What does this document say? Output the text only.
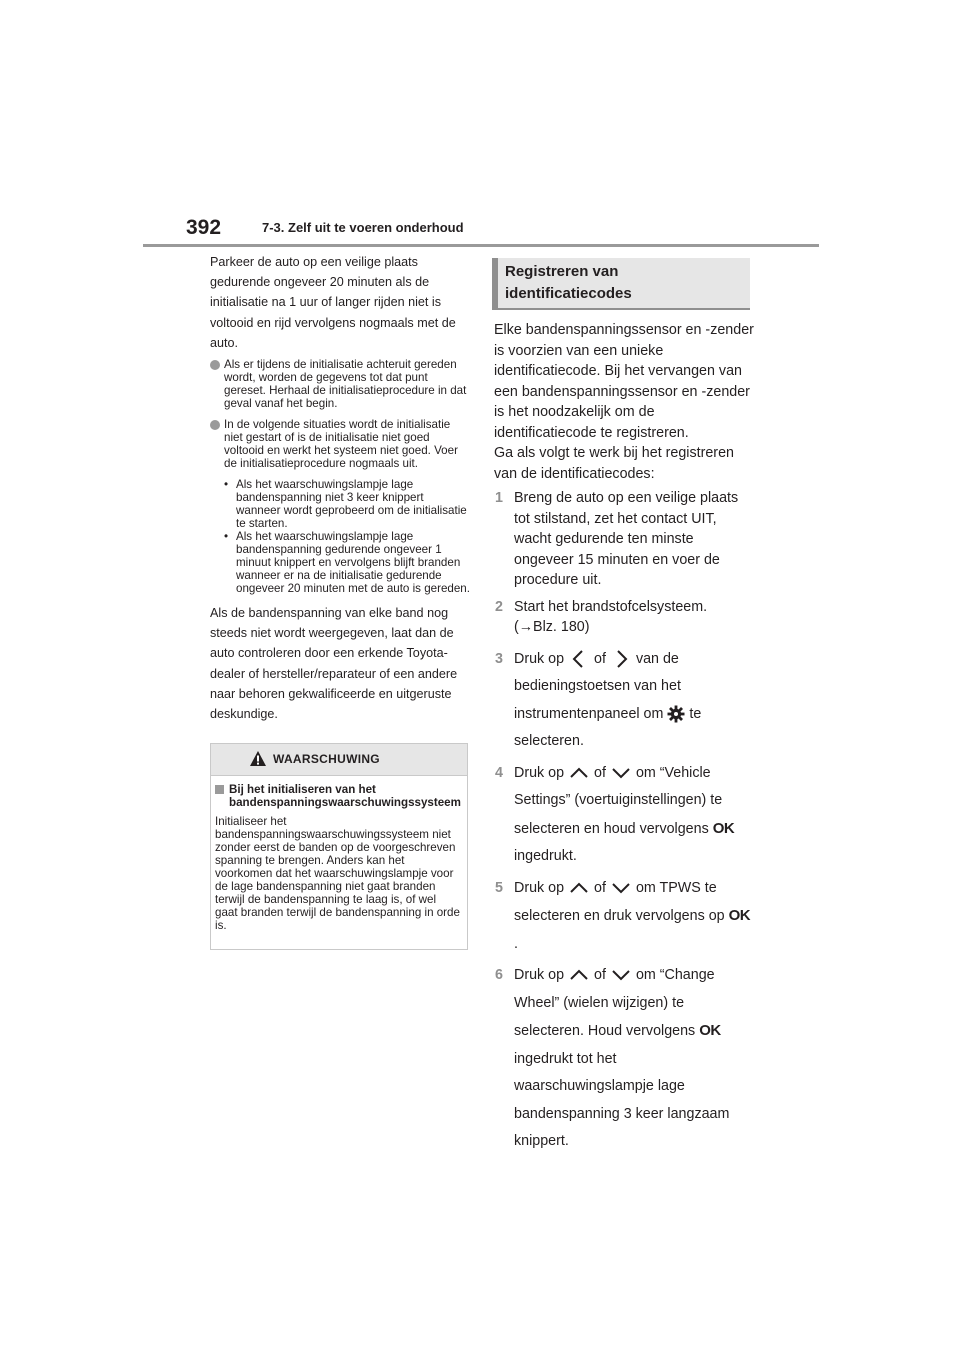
392	7-3. Zelf uit te voeren onderhoud

Parkeer de auto op een veilige plaats gedurende ongeveer 20 minuten als de initialisatie na 1 uur of langer rijden niet is voltooid en rijd vervolgens nogmaals met de auto.

Als er tijdens de initialisatie achteruit gereden wordt, worden de gegevens tot dat punt gereset. Herhaal de initialisatieprocedure in dat geval vanaf het begin.
In de volgende situaties wordt de initialisatie niet gestart of is de initialisatie niet goed voltooid en werkt het systeem niet goed. Voer de initialisatieprocedure nogmaals uit.
• Als het waarschuwingslampje lage bandenspanning niet 3 keer knippert wanneer wordt geprobeerd om de initialisatie te starten.
• Als het waarschuwingslampje lage bandenspanning gedurende ongeveer 1 minuut knippert en vervolgens blijft branden wanneer er na de initialisatie gedurende ongeveer 20 minuten met de auto is gereden.

Als de bandenspanning van elke band nog steeds niet wordt weergegeven, laat dan de auto controleren door een erkende Toyota-dealer of hersteller/reparateur of een andere naar behoren gekwalificeerde en uitgeruste deskundige.

WAARSCHUWING
Bij het initialiseren van het bandenspanningswaarschuwingssysteem

Initialiseer het bandenspanningswaarschuwingssysteem niet zonder eerst de banden op de voorgeschreven spanning te brengen. Anders kan het voorkomen dat het waarschuwingslampje voor de lage bandenspanning niet gaat branden terwijl de bandenspanning te laag is, of wel gaat branden terwijl de bandenspanning in orde is.

Registreren van
identificatiecodes

Elke bandenspanningssensor en -zender is voorzien van een unieke identificatiecode. Bij het vervangen van een bandenspanningssensor en -zender is het noodzakelijk om de identificatiecode te registreren.

Ga als volgt te werk bij het registreren van de identificatiecodes:

1 Breng de auto op een veilige plaats tot stilstand, zet het contact UIT, wacht gedurende ten minste ongeveer 15 minuten en voer de procedure uit.
2 Start het brandstofcelsysteem.
(→Blz. 180)
3 Druk op of van de bedieningstoetsen van het instrumentenpaneel om te selecteren.
4 Druk op of om “Vehicle Settings” (voertuiginstellingen) te selecteren en houd vervolgens OK ingedrukt.
5 Druk op of om TPWS te selecteren en druk vervolgens op OK.
6 Druk op of om “Change Wheel” (wielen wijzigen) te selecteren. Houd vervolgens OK ingedrukt tot het waarschuwingslampje lage bandenspanning 3 keer langzaam knippert.
